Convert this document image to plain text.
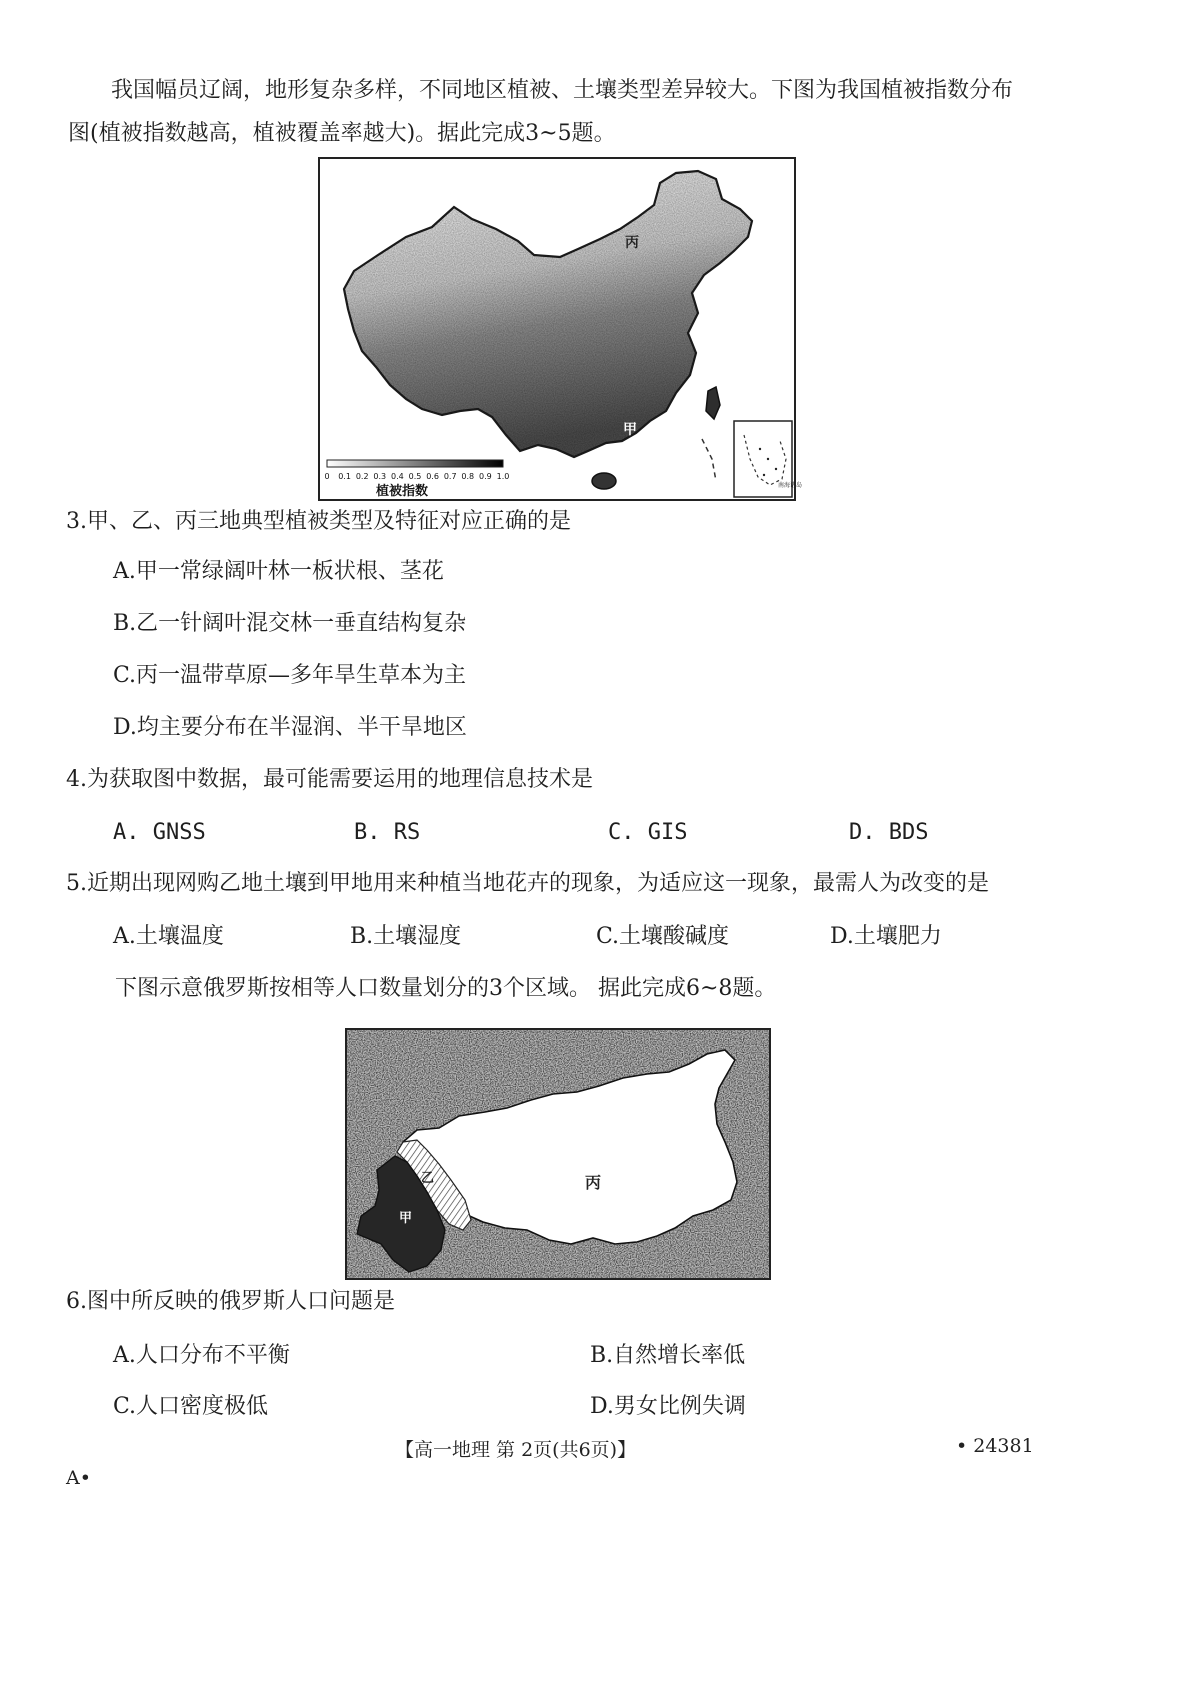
我国幅员辽阔，地形复杂多样，不同地区植被、土壤类型差异较大。下图为我国植被指数分布
图(植被指数越高，植被覆盖率越大)。据此完成3~5题。
丙
甲
南海诸岛
0 0.1 0.2 0.3 0.4 0.5 0.6 0.7 0.8 0.9 1.0
植被指数
3.甲、乙、丙三地典型植被类型及特征对应正确的是
A.甲一常绿阔叶林一板状根、茎花
B.乙一针阔叶混交林一垂直结构复杂
C.丙一温带草原—多年旱生草本为主
D.均主要分布在半湿润、半干旱地区
4.为获取图中数据，最可能需要运用的地理信息技术是
A. GNSS	B. RS	C. GIS	D. BDS
5.近期出现网购乙地土壤到甲地用来种植当地花卉的现象，为适应这一现象，最需人为改变的是
A.土壤温度	B.土壤湿度	C.土壤酸碱度	D.土壤肥力
下图示意俄罗斯按相等人口数量划分的3个区域。 据此完成6~8题。
甲
乙	丙
6.图中所反映的俄罗斯人口问题是
A.人口分布不平衡	B.自然增长率低
C.人口密度极低	D.男女比例失调
【高一地理 第 2页(共6页)】	• 24381
A•
